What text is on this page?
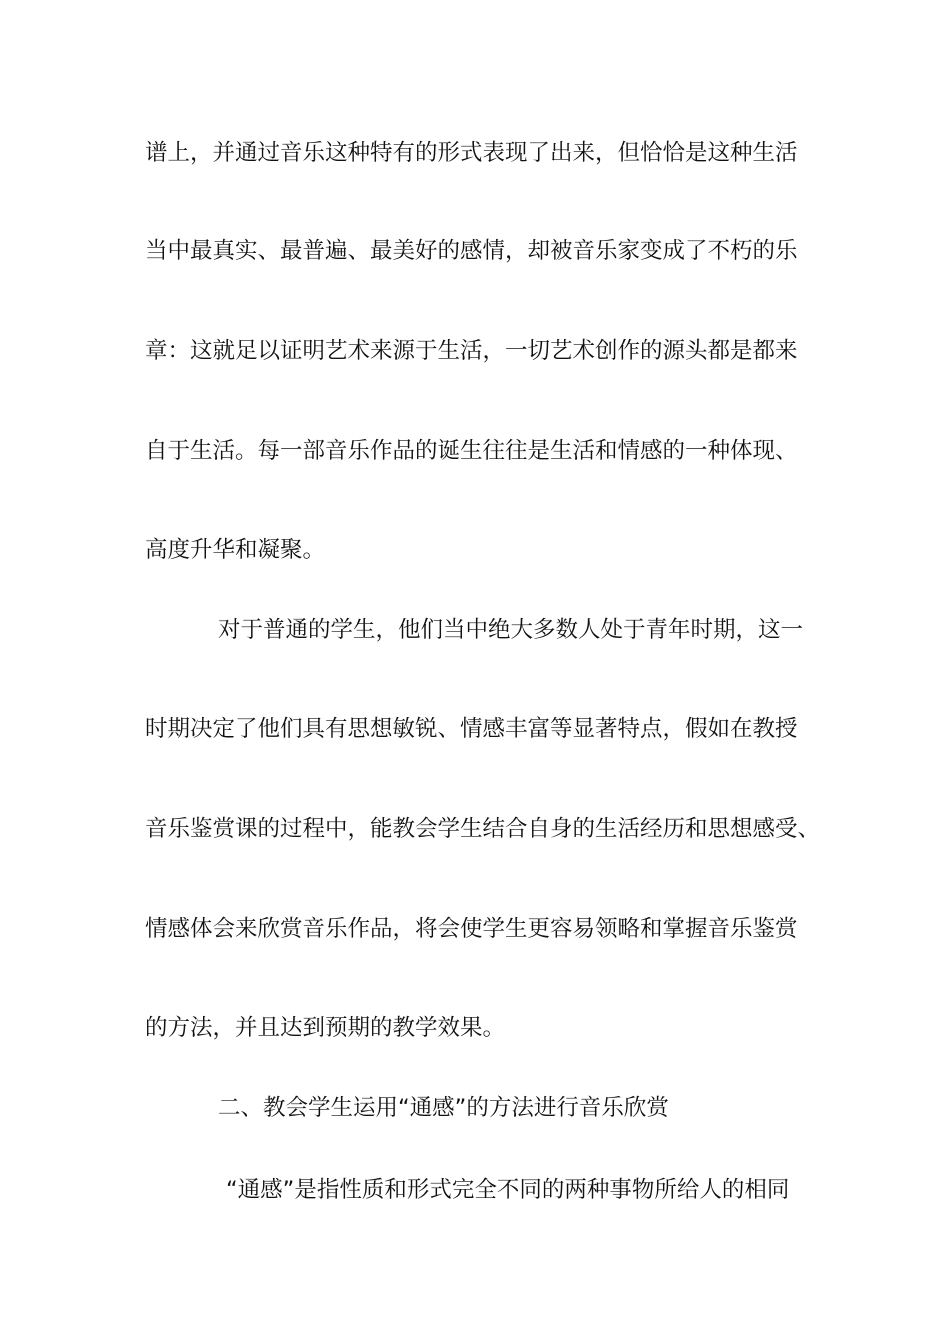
谱上，并通过音乐这种特有的形式表现了出来，但恰恰是这种生活
当中最真实、最普遍、最美好的感情，却被音乐家变成了不朽的乐
章：这就足以证明艺术来源于生活，一切艺术创作的源头都是都来
自于生活。每一部音乐作品的诞生往往是生活和情感的一种体现、
高度升华和凝聚。
对于普通的学生，他们当中绝大多数人处于青年时期，这一
时期决定了他们具有思想敏锐、情感丰富等显著特点，假如在教授
音乐鉴赏课的过程中，能教会学生结合自身的生活经历和思想感受、
情感体会来欣赏音乐作品，将会使学生更容易领略和掌握音乐鉴赏
的方法，并且达到预期的教学效果。
二、教会学生运用“通感”的方法进行音乐欣赏
“通感”是指性质和形式完全不同的两种事物所给人的相同
